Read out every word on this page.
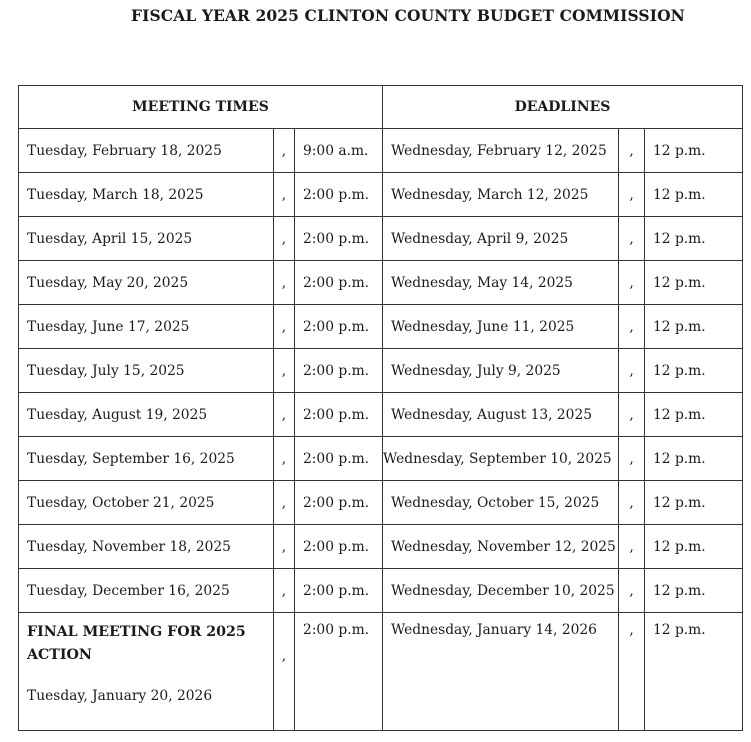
FISCAL YEAR 2025 CLINTON COUNTY BUDGET COMMISSION
MEETING TIMES			DEADLINES		
Tuesday, February 18, 2025	,	9:00 a.m.	Wednesday, February 12, 2025	,	12 p.m.
Tuesday, March 18, 2025	,	2:00 p.m.	Wednesday, March 12, 2025	,	12 p.m.
Tuesday, April 15, 2025	,	2:00 p.m.	Wednesday, April 9, 2025	,	12 p.m.
Tuesday, May 20, 2025	,	2:00 p.m.	Wednesday, May 14, 2025	,	12 p.m.
Tuesday, June 17, 2025	,	2:00 p.m.	Wednesday, June 11, 2025	,	12 p.m.
Tuesday, July 15, 2025	,	2:00 p.m.	Wednesday, July 9, 2025	,	12 p.m.
Tuesday, August 19, 2025	,	2:00 p.m.	Wednesday, August 13, 2025	,	12 p.m.
Tuesday, September 16, 2025	,	2:00 p.m.	Wednesday, September 10, 2025	,	12 p.m.
Tuesday, October 21, 2025	,	2:00 p.m.	Wednesday, October 15, 2025	,	12 p.m.
Tuesday, November 18, 2025	,	2:00 p.m.	Wednesday, November 12, 2025	,	12 p.m.
Tuesday, December 16, 2025	,	2:00 p.m.	Wednesday, December 10, 2025	,	12 p.m.

FINAL MEETING FOR 2025
ACTION
Tuesday, January 20, 2026	,	2:00 p.m.	Wednesday, January 14, 2026	,	12 p.m.
